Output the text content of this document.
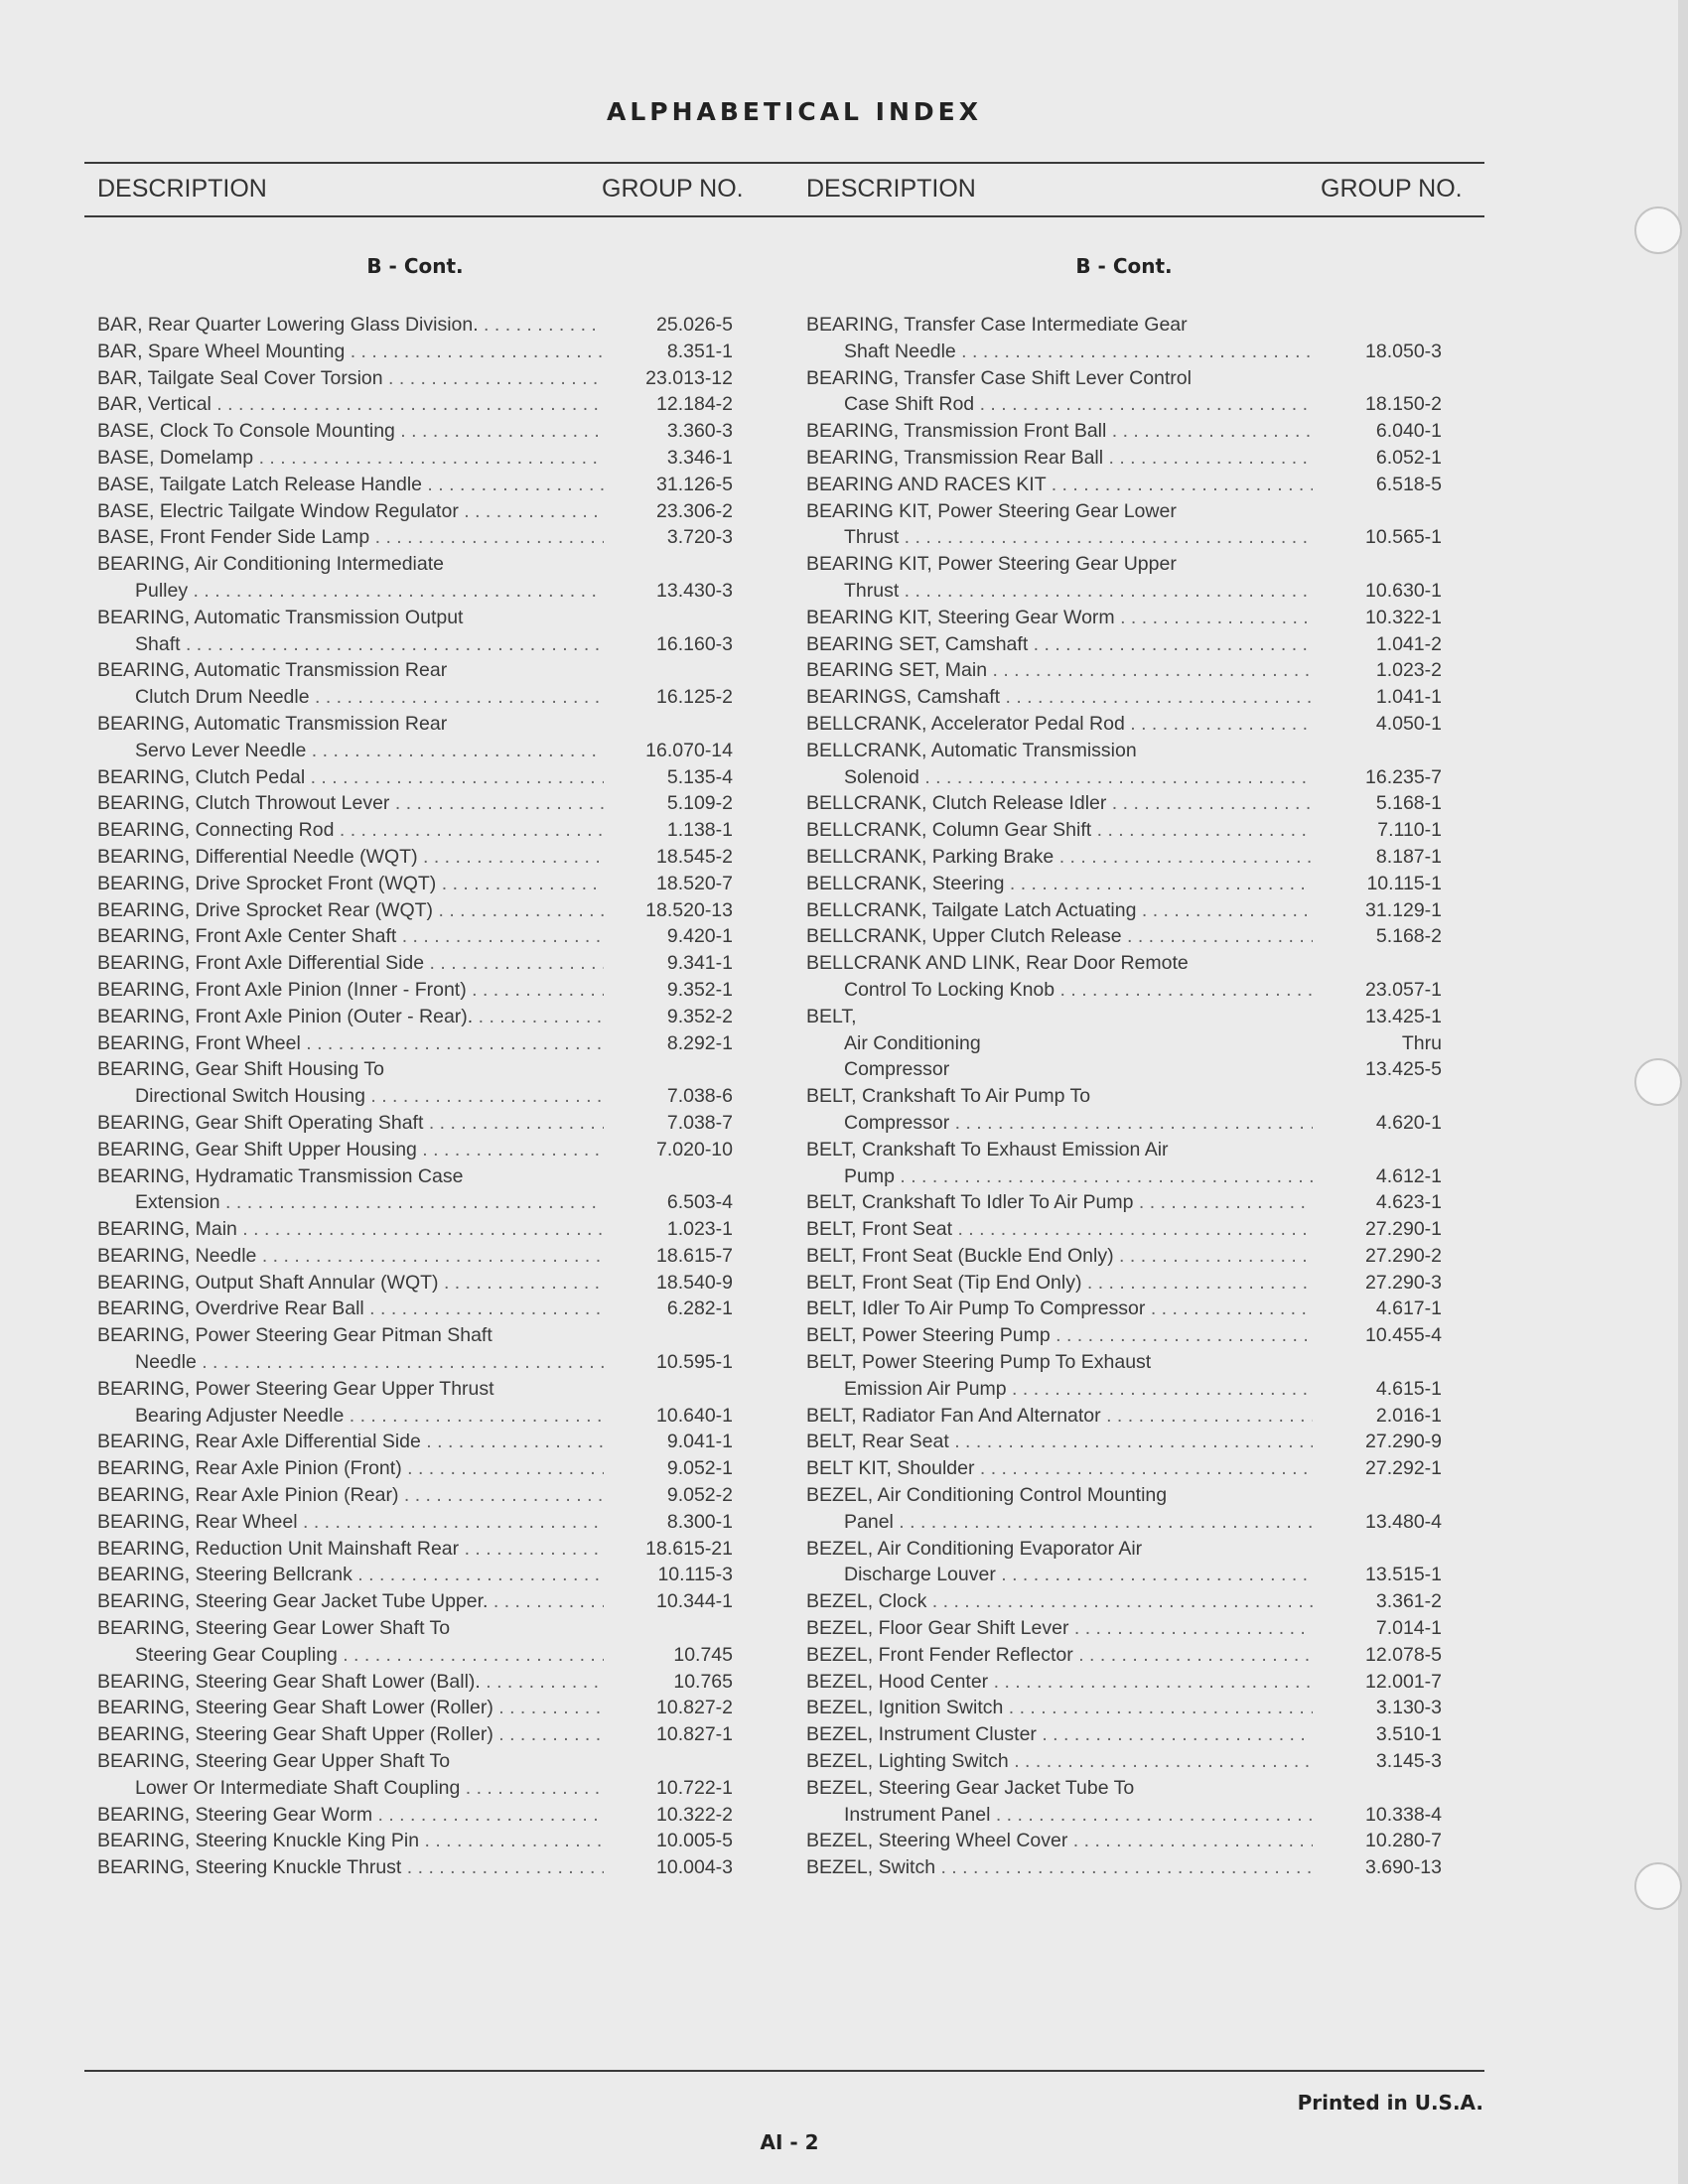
ALPHABETICAL INDEX
DESCRIPTION	GROUP NO.	DESCRIPTION	GROUP NO.
B - Cont.	B - Cont.
BAR, Rear Quarter Lowering Glass Division. . . .	25.026-5
BAR, Spare Wheel Mounting . . .	8.351-1
BAR, Tailgate Seal Cover Torsion . . .	23.013-12
BAR, Vertical . . .	12.184-2
BASE, Clock To Console Mounting . . .	3.360-3
BASE, Domelamp . . .	3.346-1
BASE, Tailgate Latch Release Handle . . .	31.126-5
BASE, Electric Tailgate Window Regulator . . .	23.306-2
BASE, Front Fender Side Lamp . . .	3.720-3
BEARING, Air Conditioning Intermediate
Pulley . . .	13.430-3
BEARING, Automatic Transmission Output
Shaft . . .	16.160-3
BEARING, Automatic Transmission Rear
Clutch Drum Needle . . .	16.125-2
BEARING, Automatic Transmission Rear
Servo Lever Needle . . .	16.070-14
BEARING, Clutch Pedal . . .	5.135-4
BEARING, Clutch Throwout Lever . . .	5.109-2
BEARING, Connecting Rod . . .	1.138-1
BEARING, Differential Needle (WQT) . . .	18.545-2
BEARING, Drive Sprocket Front (WQT) . . .	18.520-7
BEARING, Drive Sprocket Rear (WQT) . . .	18.520-13
BEARING, Front Axle Center Shaft . . .	9.420-1
BEARING, Front Axle Differential Side . . .	9.341-1
BEARING, Front Axle Pinion (Inner - Front) . . .	9.352-1
BEARING, Front Axle Pinion (Outer - Rear). . . .	9.352-2
BEARING, Front Wheel . . .	8.292-1
BEARING, Gear Shift Housing To
Directional Switch Housing . . .	7.038-6
BEARING, Gear Shift Operating Shaft . . .	7.038-7
BEARING, Gear Shift Upper Housing . . .	7.020-10
BEARING, Hydramatic Transmission Case
Extension . . .	6.503-4
BEARING, Main . . .	1.023-1
BEARING, Needle . . .	18.615-7
BEARING, Output Shaft Annular (WQT) . . .	18.540-9
BEARING, Overdrive Rear Ball . . .	6.282-1
BEARING, Power Steering Gear Pitman Shaft
Needle . . .	10.595-1
BEARING, Power Steering Gear Upper Thrust
Bearing Adjuster Needle . . .	10.640-1
BEARING, Rear Axle Differential Side . . .	9.041-1
BEARING, Rear Axle Pinion (Front) . . .	9.052-1
BEARING, Rear Axle Pinion (Rear) . . .	9.052-2
BEARING, Rear Wheel . . .	8.300-1
BEARING, Reduction Unit Mainshaft Rear . . .	18.615-21
BEARING, Steering Bellcrank . . .	10.115-3
BEARING, Steering Gear Jacket Tube Upper. . . .	10.344-1
BEARING, Steering Gear Lower Shaft To
Steering Gear Coupling . . .	10.745
BEARING, Steering Gear Shaft Lower (Ball). . . .	10.765
BEARING, Steering Gear Shaft Lower (Roller) . . .	10.827-2
BEARING, Steering Gear Shaft Upper (Roller) . . .	10.827-1
BEARING, Steering Gear Upper Shaft To
Lower Or Intermediate Shaft Coupling . . .	10.722-1
BEARING, Steering Gear Worm . . .	10.322-2
BEARING, Steering Knuckle King Pin . . .	10.005-5
BEARING, Steering Knuckle Thrust . . .	10.004-3
BEARING, Transfer Case Intermediate Gear
Shaft Needle . . .	18.050-3
BEARING, Transfer Case Shift Lever Control
Case Shift Rod . . .	18.150-2
BEARING, Transmission Front Ball . . .	6.040-1
BEARING, Transmission Rear Ball . . .	6.052-1
BEARING AND RACES KIT . . .	6.518-5
BEARING KIT, Power Steering Gear Lower
Thrust . . .	10.565-1
BEARING KIT, Power Steering Gear Upper
Thrust . . .	10.630-1
BEARING KIT, Steering Gear Worm . . .	10.322-1
BEARING SET, Camshaft . . .	1.041-2
BEARING SET, Main . . .	1.023-2
BEARINGS, Camshaft . . .	1.041-1
BELLCRANK, Accelerator Pedal Rod . . .	4.050-1
BELLCRANK, Automatic Transmission
Solenoid . . .	16.235-7
BELLCRANK, Clutch Release Idler . . .	5.168-1
BELLCRANK, Column Gear Shift . . .	7.110-1
BELLCRANK, Parking Brake . . .	8.187-1
BELLCRANK, Steering . . .	10.115-1
BELLCRANK, Tailgate Latch Actuating . . .	31.129-1
BELLCRANK, Upper Clutch Release . . .	5.168-2
BELLCRANK AND LINK, Rear Door Remote
Control To Locking Knob . . .	23.057-1
BELT,	13.425-1
Air Conditioning	Thru
Compressor	13.425-5
BELT, Crankshaft To Air Pump To
Compressor . . .	4.620-1
BELT, Crankshaft To Exhaust Emission Air
Pump . . .	4.612-1
BELT, Crankshaft To Idler To Air Pump . . .	4.623-1
BELT, Front Seat . . .	27.290-1
BELT, Front Seat (Buckle End Only) . . .	27.290-2
BELT, Front Seat (Tip End Only) . . .	27.290-3
BELT, Idler To Air Pump To Compressor . . .	4.617-1
BELT, Power Steering Pump . . .	10.455-4
BELT, Power Steering Pump To Exhaust
Emission Air Pump . . .	4.615-1
BELT, Radiator Fan And Alternator . . .	2.016-1
BELT, Rear Seat . . .	27.290-9
BELT KIT, Shoulder . . .	27.292-1
BEZEL, Air Conditioning Control Mounting
Panel . . .	13.480-4
BEZEL, Air Conditioning Evaporator Air
Discharge Louver . . .	13.515-1
BEZEL, Clock . . .	3.361-2
BEZEL, Floor Gear Shift Lever . . .	7.014-1
BEZEL, Front Fender Reflector . . .	12.078-5
BEZEL, Hood Center . . .	12.001-7
BEZEL, Ignition Switch . . .	3.130-3
BEZEL, Instrument Cluster . . .	3.510-1
BEZEL, Lighting Switch . . .	3.145-3
BEZEL, Steering Gear Jacket Tube To
Instrument Panel . . .	10.338-4
BEZEL, Steering Wheel Cover . . .	10.280-7
BEZEL, Switch . . .	3.690-13
Printed in U.S.A.
AI - 2
